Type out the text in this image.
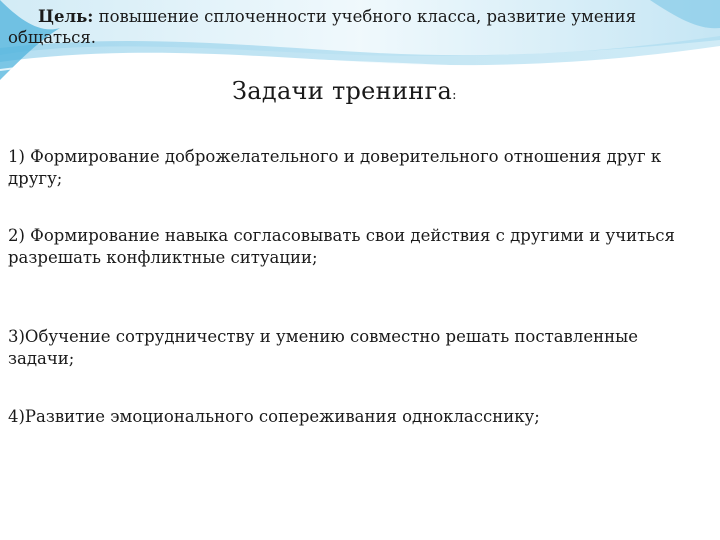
Цель: повышение сплоченности учебного класса, развитие умения общаться.
Задачи тренинга:
1) Формирование доброжелательного и доверительного отношения друг к другу;
2) Формирование навыка согласовывать свои действия с другими и учиться разрешать конфликтные ситуации;
3)Обучение сотрудничеству и умению совместно решать поставленные задачи;
4)Развитие эмоционального сопереживания однокласснику;
